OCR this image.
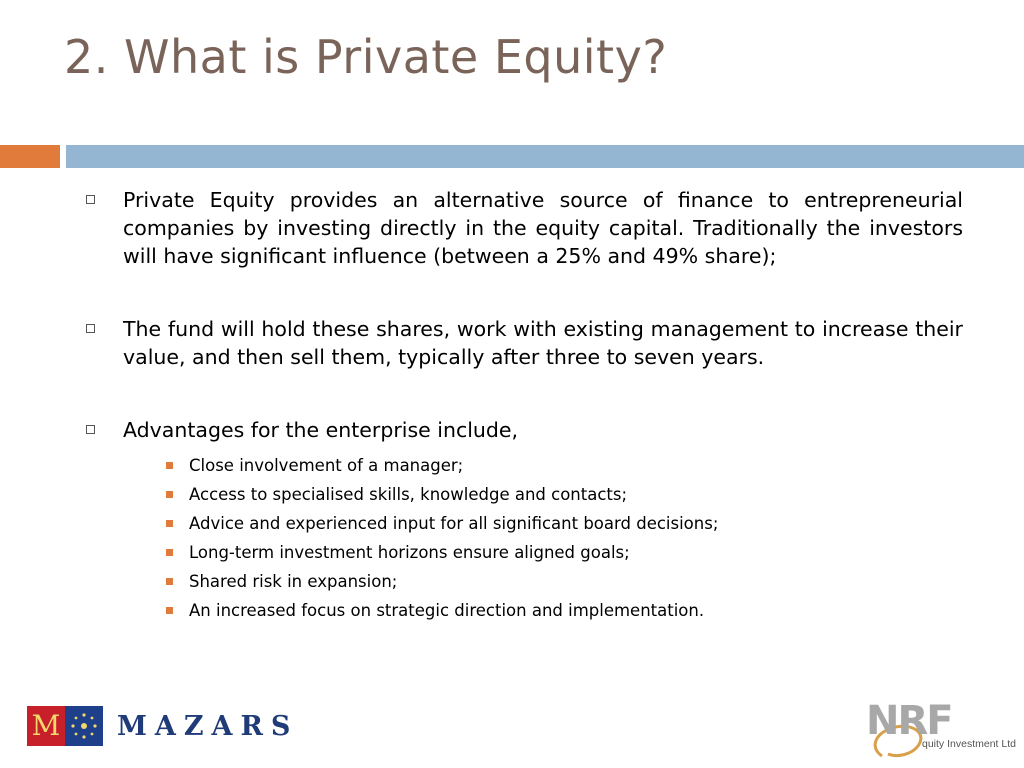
2. What is Private Equity?
Private Equity provides an alternative source of finance to entrepreneurial companies by investing directly in the equity capital. Traditionally the investors will have significant influence (between a 25% and 49% share);
The fund will hold these shares, work with existing management to increase their value, and then sell them, typically after three to seven years.
Advantages for the enterprise include,
Close involvement of a manager;
Access to specialised skills, knowledge and contacts;
Advice and experienced input for all significant board decisions;
Long-term investment horizons ensure aligned goals;
Shared risk in expansion;
An increased focus on strategic direction and implementation.
M MAZARS	NRF
quity Investment Ltd
